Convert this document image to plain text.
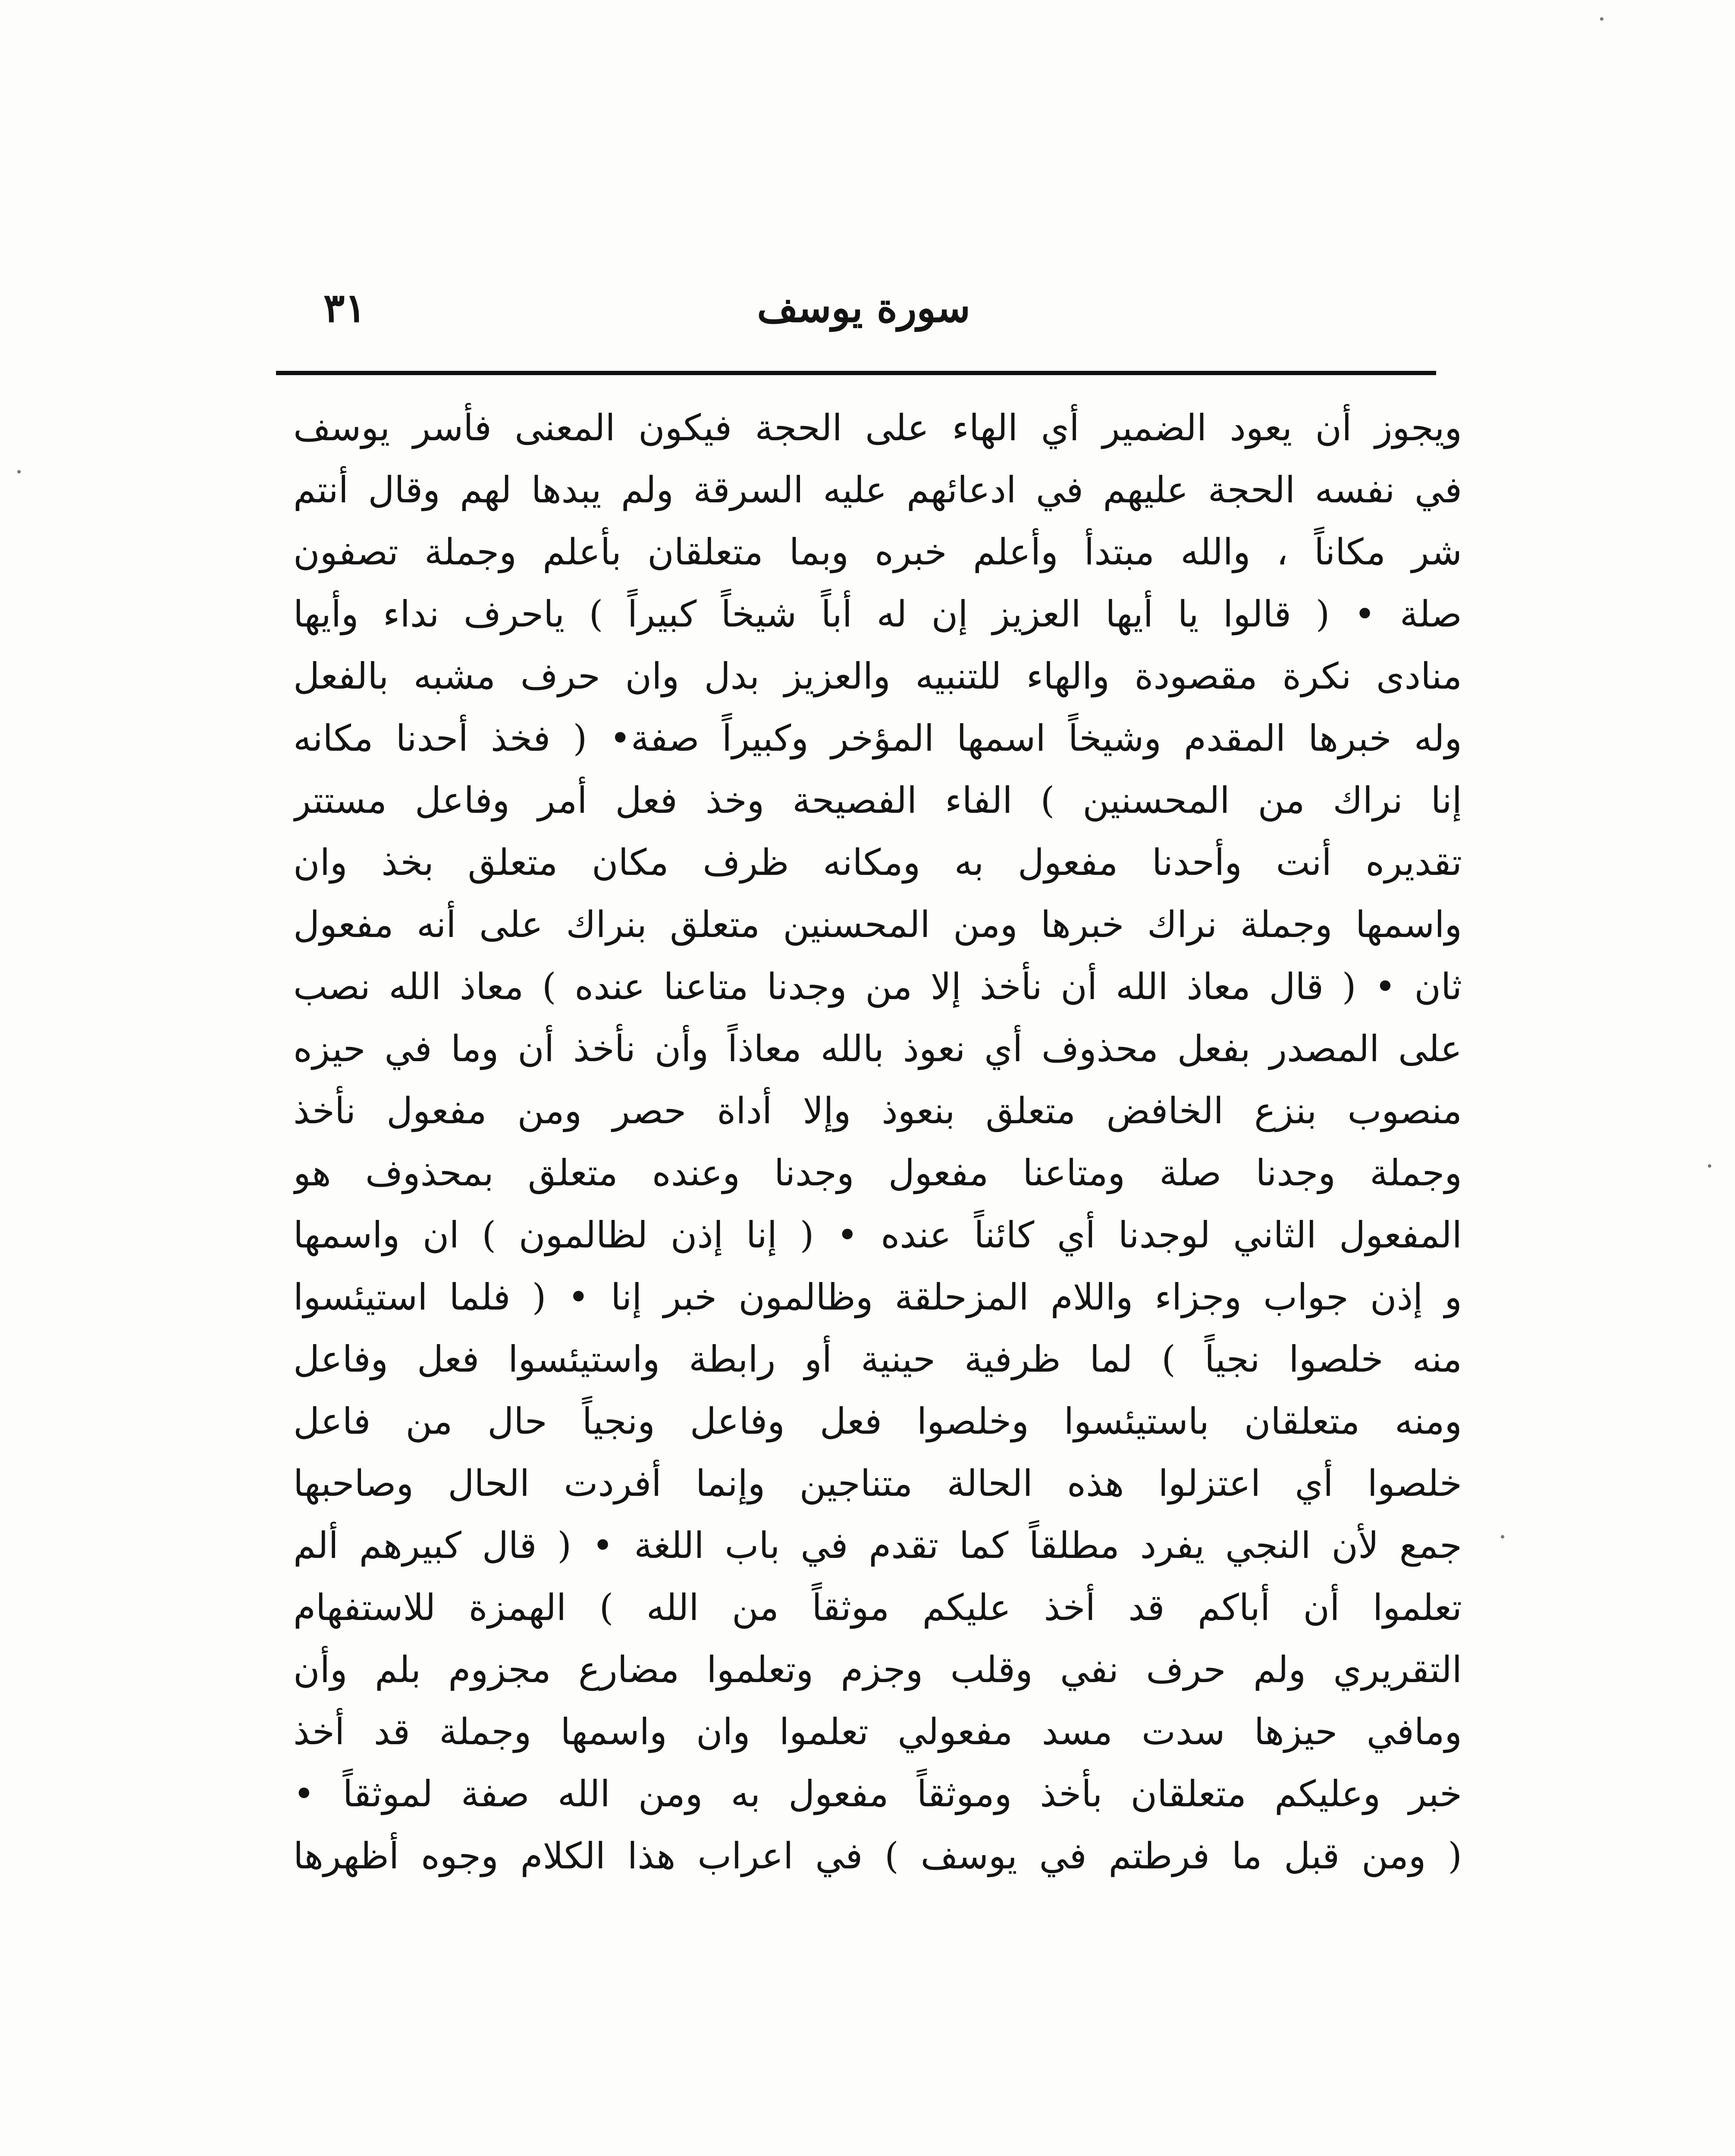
سورة يوسف
٣١
ويجوز أن يعود الضمير أي الهاء على الحجة فيكون المعنى فأسر يوسف
في نفسه الحجة عليهم في ادعائهم عليه السرقة ولم يبدها لهم وقال أنتم
شر مكاناً ، والله مبتدأ وأعلم خبره وبما متعلقان بأعلم وجملة تصفون
صلة • ( قالوا يا أيها العزيز إن له أباً شيخاً كبيراً ) ياحرف نداء وأيها
منادى نكرة مقصودة والهاء للتنبيه والعزيز بدل وان حرف مشبه بالفعل
وله خبرها المقدم وشيخاً اسمها المؤخر وكبيراً صفة• ( فخذ أحدنا مكانه
إنا نراك من المحسنين ) الفاء الفصيحة وخذ فعل أمر وفاعل مستتر
تقديره أنت وأحدنا مفعول به ومكانه ظرف مكان متعلق بخذ وان
واسمها وجملة نراك خبرها ومن المحسنين متعلق بنراك على أنه مفعول
ثان • ( قال معاذ الله أن نأخذ إلا من وجدنا متاعنا عنده ) معاذ الله نصب
على المصدر بفعل محذوف أي نعوذ بالله معاذاً وأن نأخذ أن وما في حيزه
منصوب بنزع الخافض متعلق بنعوذ وإلا أداة حصر ومن مفعول نأخذ
وجملة وجدنا صلة ومتاعنا مفعول وجدنا وعنده متعلق بمحذوف هو
المفعول الثاني لوجدنا أي كائناً عنده • ( إنا إذن لظالمون ) ان واسمها
و إذن جواب وجزاء واللام المزحلقة وظالمون خبر إنا • ( فلما استيئسوا
منه خلصوا نجياً ) لما ظرفية حينية أو رابطة واستيئسوا فعل وفاعل
ومنه متعلقان باستيئسوا وخلصوا فعل وفاعل ونجياً حال من فاعل
خلصوا أي اعتزلوا هذه الحالة متناجين وإنما أفردت الحال وصاحبها
جمع لأن النجي يفرد مطلقاً كما تقدم في باب اللغة • ( قال كبيرهم ألم
تعلموا أن أباكم قد أخذ عليكم موثقاً من الله ) الهمزة للاستفهام
التقريري ولم حرف نفي وقلب وجزم وتعلموا مضارع مجزوم بلم وأن
ومافي حيزها سدت مسد مفعولي تعلموا وان واسمها وجملة قد أخذ
خبر وعليكم متعلقان بأخذ وموثقاً مفعول به ومن الله صفة لموثقاً •
( ومن قبل ما فرطتم في يوسف ) في اعراب هذا الكلام وجوه أظهرها
